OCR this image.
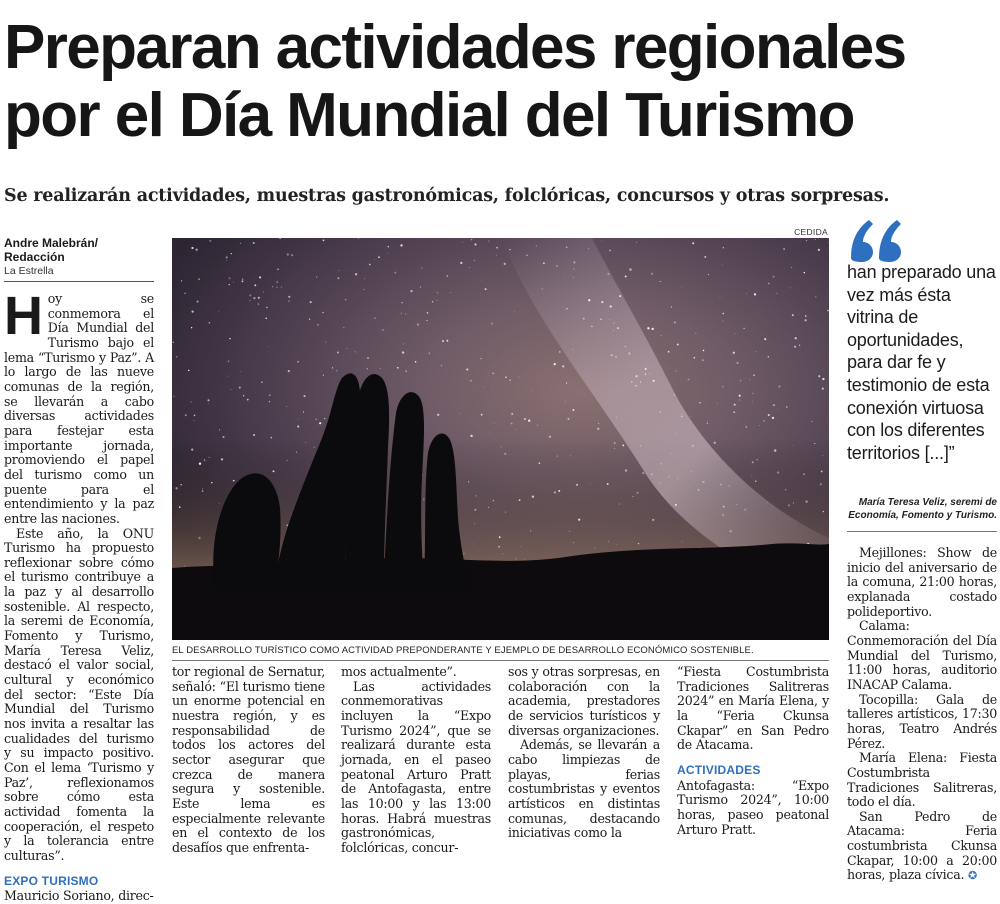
Preparan actividades regionales
por el Día Mundial del Turismo
Se realizarán actividades, muestras gastronómicas, folclóricas, concursos y otras sorpresas.
Andre Malebrán/ Redacción
La Estrella
CEDIDA
EL DESARROLLO TURÍSTICO COMO ACTIVIDAD PREPONDERANTE Y EJEMPLO DE DESARROLLO ECONÓMICO SOSTENIBLE.

Hoy se conmemora el Día Mundial del Turismo bajo el lema “Turismo y Paz”. A lo largo de las nueve comunas de la región, se llevarán a cabo diversas actividades para festejar esta importante jornada, promoviendo el papel del turismo como un puente para el entendimiento y la paz entre las naciones.

Este año, la ONU Turismo ha propuesto reflexionar sobre cómo el turismo contribuye a la paz y al desarrollo sostenible. Al respecto, la seremi de Economía, Fomento y Turismo, María Teresa Veliz, destacó el valor social, cultural y económico del sector: “Este Día Mundial del Turismo nos invita a resaltar las cualidades del turismo y su impacto positivo. Con el lema ‘Turismo y Paz’, reflexionamos sobre cómo esta actividad fomenta la cooperación, el respeto y la tolerancia entre culturas”.

EXPO TURISMO

Mauricio Soriano, direc-

tor regional de Sernatur, señaló: “El turismo tiene un enorme potencial en nuestra región, y es responsabilidad de todos los actores del sector asegurar que crezca de manera segura y sostenible. Este lema es especialmente relevante en el contexto de los desafíos que enfrenta-

mos actualmente”.

Las actividades conmemorativas incluyen la “Expo Turismo 2024”, que se realizará durante esta jornada, en el paseo peatonal Arturo Pratt de Antofagasta, entre las 10:00 y las 13:00 horas. Habrá muestras gastronómicas, folclóricas, concur-

sos y otras sorpresas, en colaboración con la academia, prestadores de servicios turísticos y diversas organizaciones.

Además, se llevarán a cabo limpiezas de playas, ferias costumbristas y eventos artísticos en distintas comunas, destacando iniciativas como la

“Fiesta Costumbrista Tradiciones Salitreras 2024” en María Elena, y la “Feria Ckunsa Ckapar” en San Pedro de Atacama.

ACTIVIDADES

Antofagasta: “Expo Turismo 2024”, 10:00 horas, paseo peatonal Arturo Pratt.

han preparado una vez más ésta vitrina de oportunidades, para dar fe y testimonio de esta conexión virtuosa con los diferentes territorios [...]”
María Teresa Veliz, seremi de Economía, Fomento y Turismo.

Mejillones: Show de inicio del aniversario de la comuna, 21:00 horas, explanada costado polideportivo.

Calama: Conmemoración del Día Mundial del Turismo, 11:00 horas, auditorio INACAP Calama.

Tocopilla: Gala de talleres artísticos, 17:30 horas, Teatro Andrés Pérez.

María Elena: Fiesta Costumbrista Tradiciones Salitreras, todo el día.

San Pedro de Atacama: Feria costumbrista Ckunsa Ckapar, 10:00 a 20:00 horas, plaza cívica. ✪
